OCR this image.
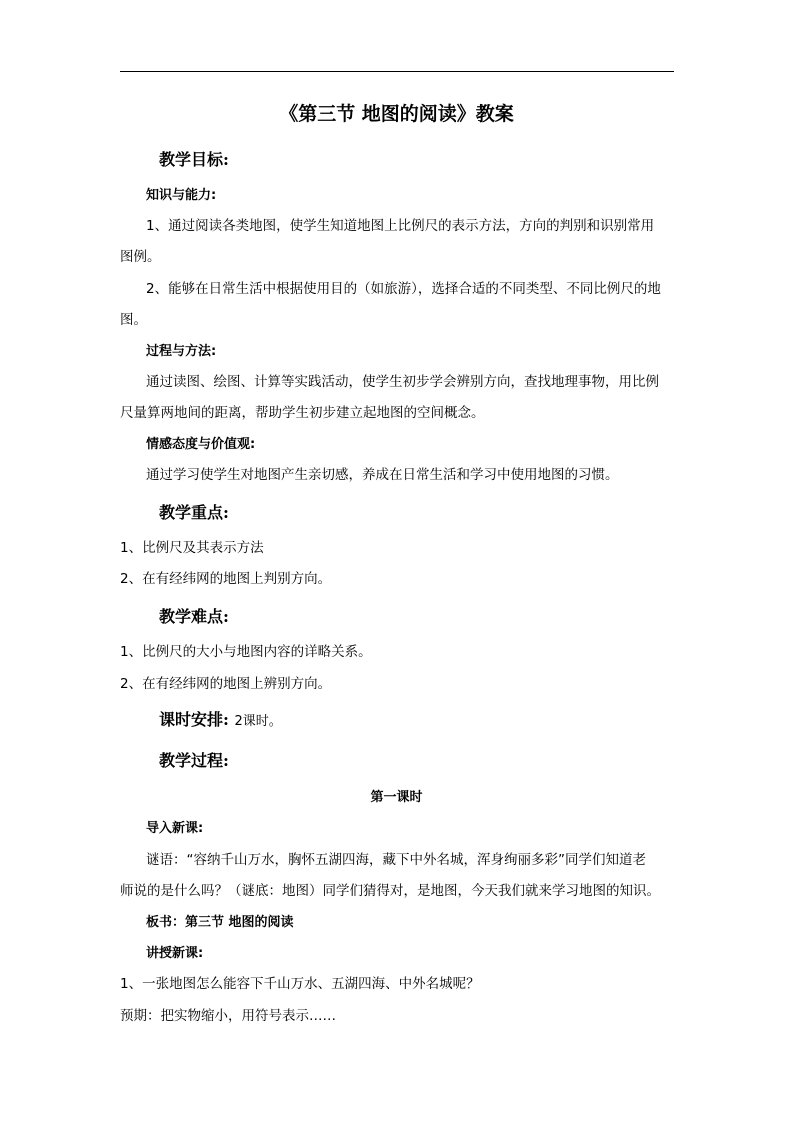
《第三节 地图的阅读》教案
教学目标:
知识与能力:
1、通过阅读各类地图，使学生知道地图上比例尺的表示方法，方向的判别和识别常用
图例。
2、能够在日常生活中根据使用目的（如旅游），选择合适的不同类型、不同比例尺的地
图。
过程与方法:
通过读图、绘图、计算等实践活动，使学生初步学会辨别方向，查找地理事物，用比例
尺量算两地间的距离，帮助学生初步建立起地图的空间概念。
情感态度与价值观:
通过学习使学生对地图产生亲切感，养成在日常生活和学习中使用地图的习惯。
教学重点:
1、比例尺及其表示方法
2、在有经纬网的地图上判别方向。
教学难点:
1、比例尺的大小与地图内容的详略关系。
2、在有经纬网的地图上辨别方向。
课时安排: 2课时。
教学过程:
第一课时
导入新课:
谜语：“容纳千山万水，胸怀五湖四海，藏下中外名城，浑身绚丽多彩”同学们知道老
师说的是什么吗？（谜底：地图）同学们猜得对，是地图，今天我们就来学习地图的知识。
板书：第三节 地图的阅读
讲授新课:
1、一张地图怎么能容下千山万水、五湖四海、中外名城呢？
预期：把实物缩小，用符号表示……
